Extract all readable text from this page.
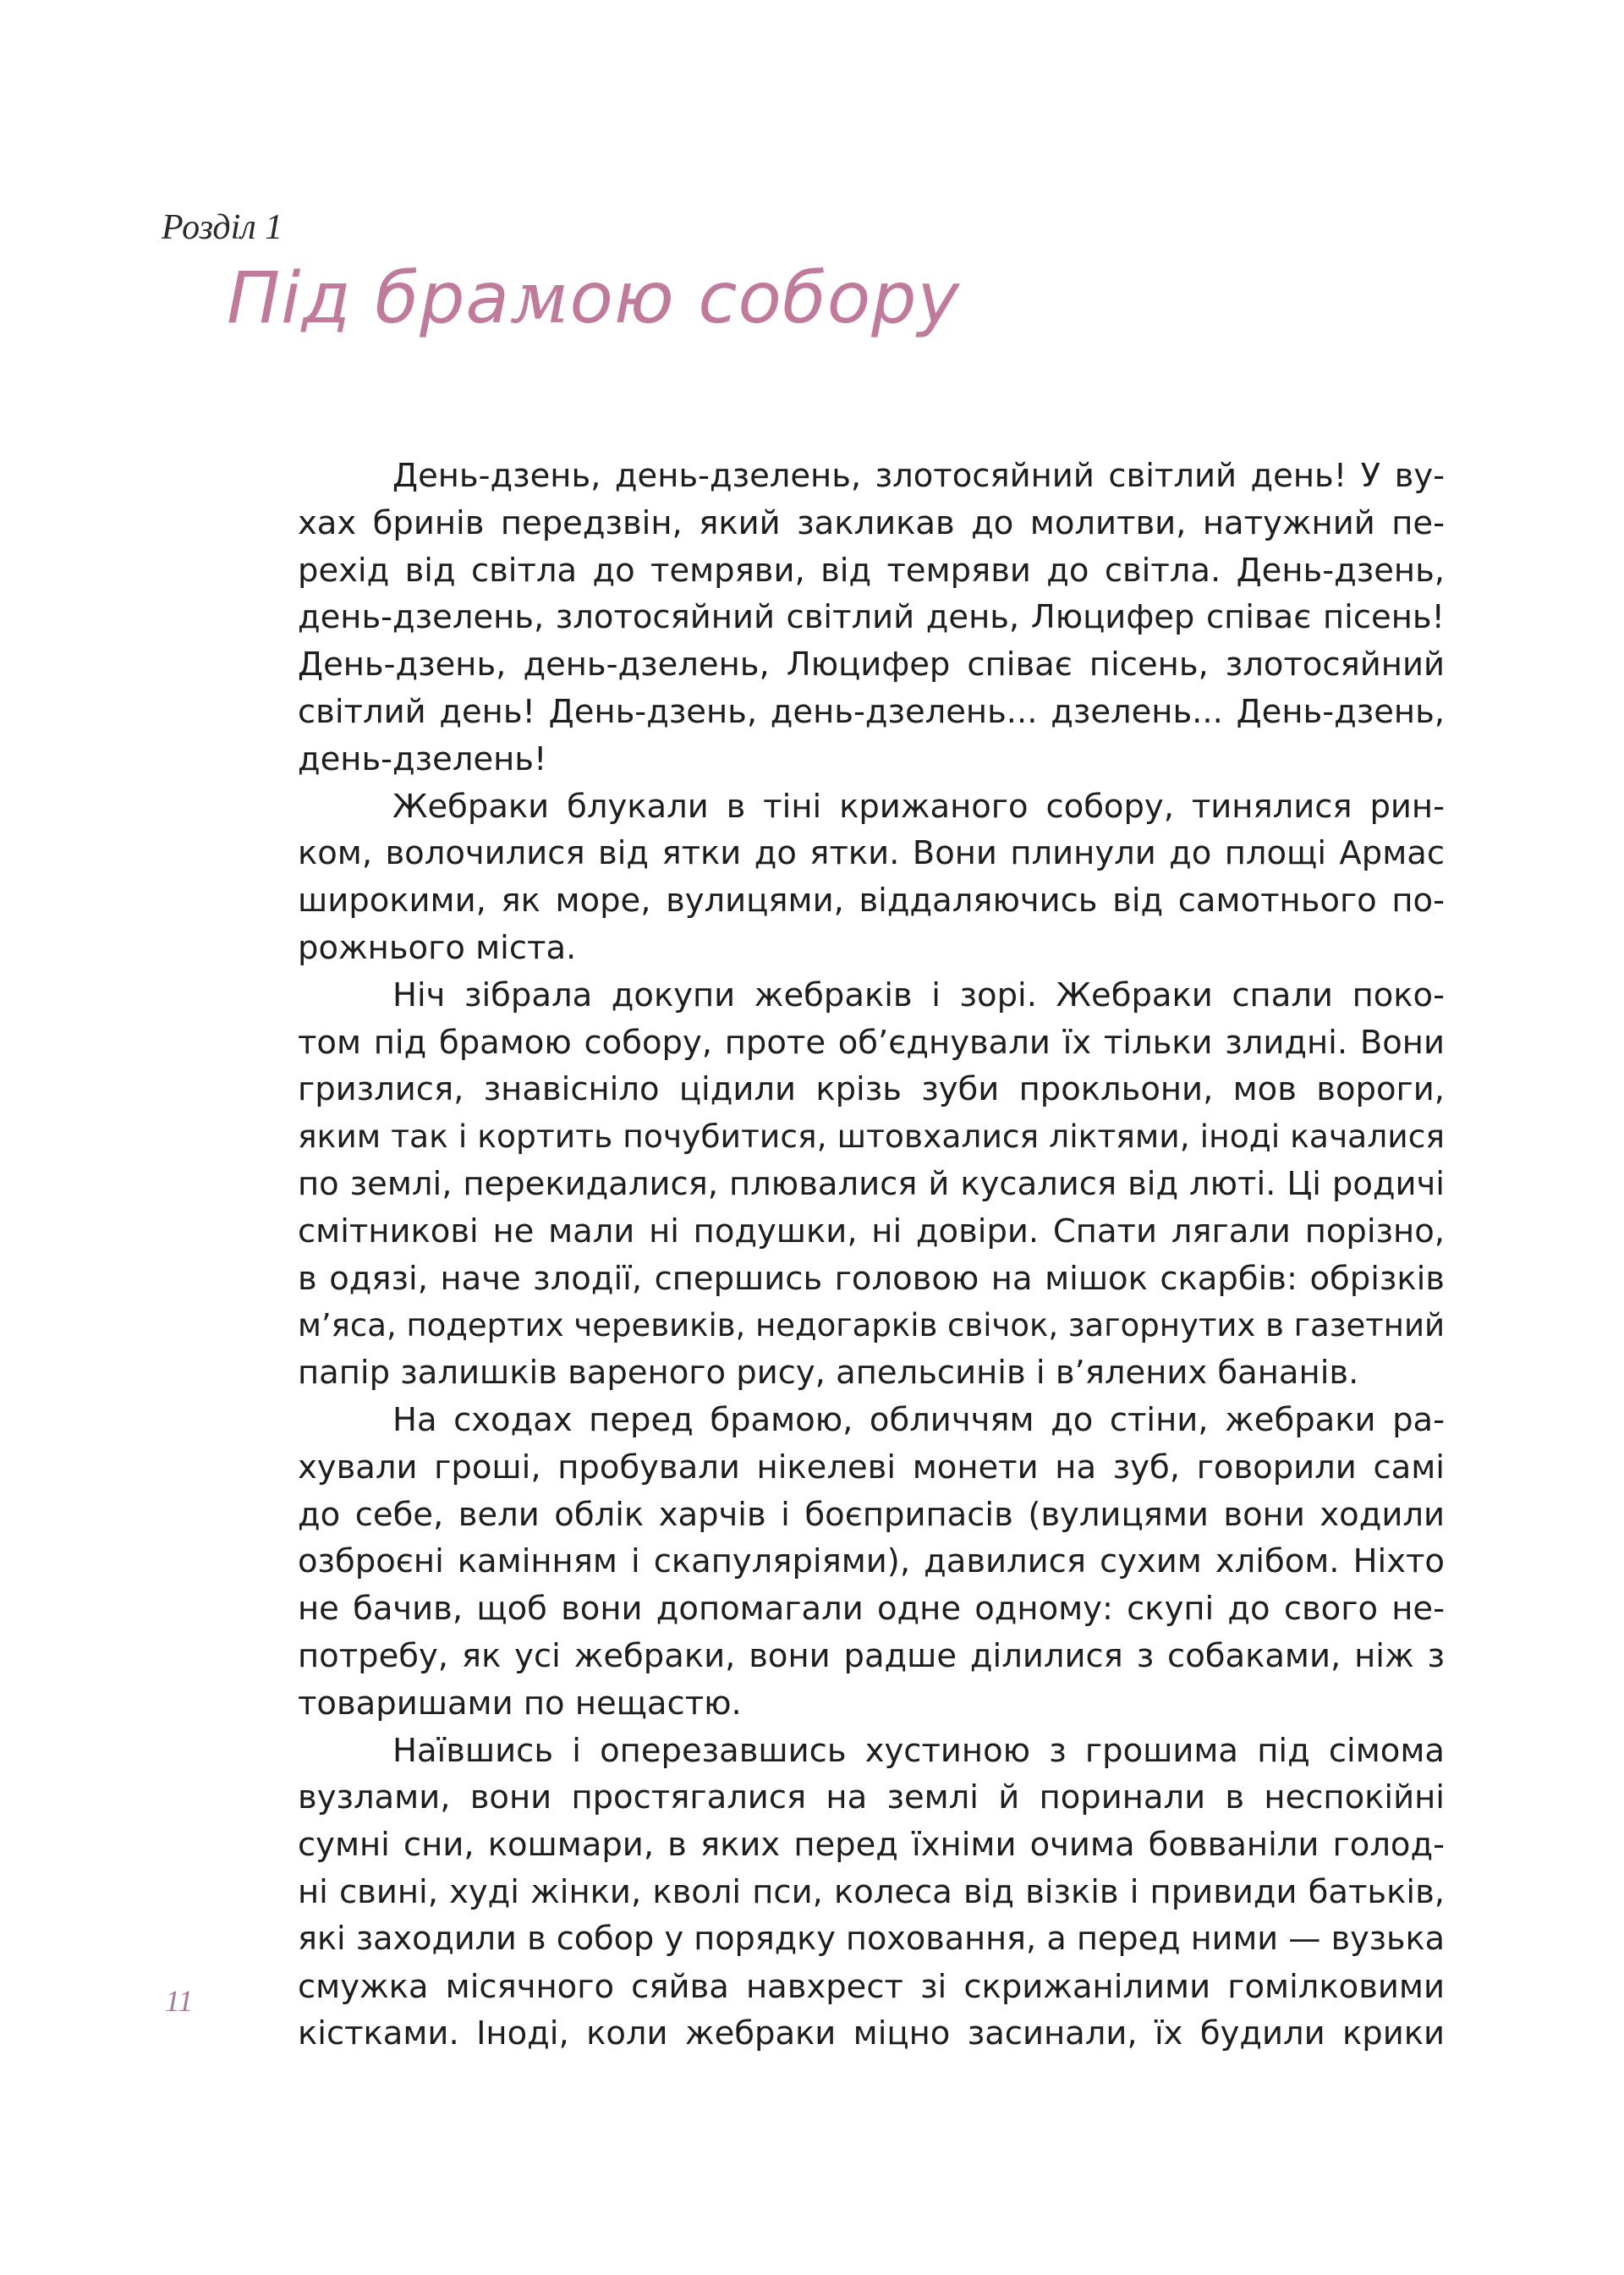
Розділ 1
Під брамою собору
День-дзень, день-дзелень, злотосяйний світлий день! У ву-
хах бринів передзвін, який закликав до молитви, натужний пе-
рехід від світла до темряви, від темряви до світла. День-дзень,
день-дзелень, злотосяйний світлий день, Люцифер співає пісень!
День-дзень, день-дзелень, Люцифер співає пісень, злотосяйний
світлий день! День-дзень, день-дзелень... дзелень... День-дзень,
день-дзелень!
Жебраки блукали в тіні крижаного собору, тинялися рин-
ком, волочилися від ятки до ятки. Вони плинули до площі Армас
широкими, як море, вулицями, віддаляючись від самотнього по-
рожнього міста.
Ніч зібрала докупи жебраків і зорі. Жебраки спали поко-
том під брамою собору, проте об’єднували їх тільки злидні. Вони
гризлися, знавісніло цідили крізь зуби прокльони, мов вороги,
яким так і кортить почубитися, штовхалися ліктями, іноді качалися
по землі, перекидалися, плювалися й кусалися від люті. Ці родичі
смітникові не мали ні подушки, ні довіри. Спати лягали порізно,
в одязі, наче злодії, спершись головою на мішок скарбів: обрізків
м’яса, подертих черевиків, недогарків свічок, загорнутих в газетний
папір залишків вареного рису, апельсинів і в’ялених бананів.
На сходах перед брамою, обличчям до стіни, жебраки ра-
хували гроші, пробували нікелеві монети на зуб, говорили самі
до себе, вели облік харчів і боєприпасів (вулицями вони ходили
озброєні камінням і скапуляріями), давилися сухим хлібом. Ніхто
не бачив, щоб вони допомагали одне одному: скупі до свого не-
потребу, як усі жебраки, вони радше ділилися з собаками, ніж з
товаришами по нещастю.
Наївшись і оперезавшись хустиною з грошима під сімома
вузлами, вони простягалися на землі й поринали в неспокійні
сумні сни, кошмари, в яких перед їхніми очима бовваніли голод-
ні свині, худі жінки, кволі пси, колеса від візків і привиди батьків,
які заходили в собор у порядку поховання, а перед ними — вузька
смужка місячного сяйва навхрест зі скрижанілими гомілковими
кістками. Іноді, коли жебраки міцно засинали, їх будили крики
11
